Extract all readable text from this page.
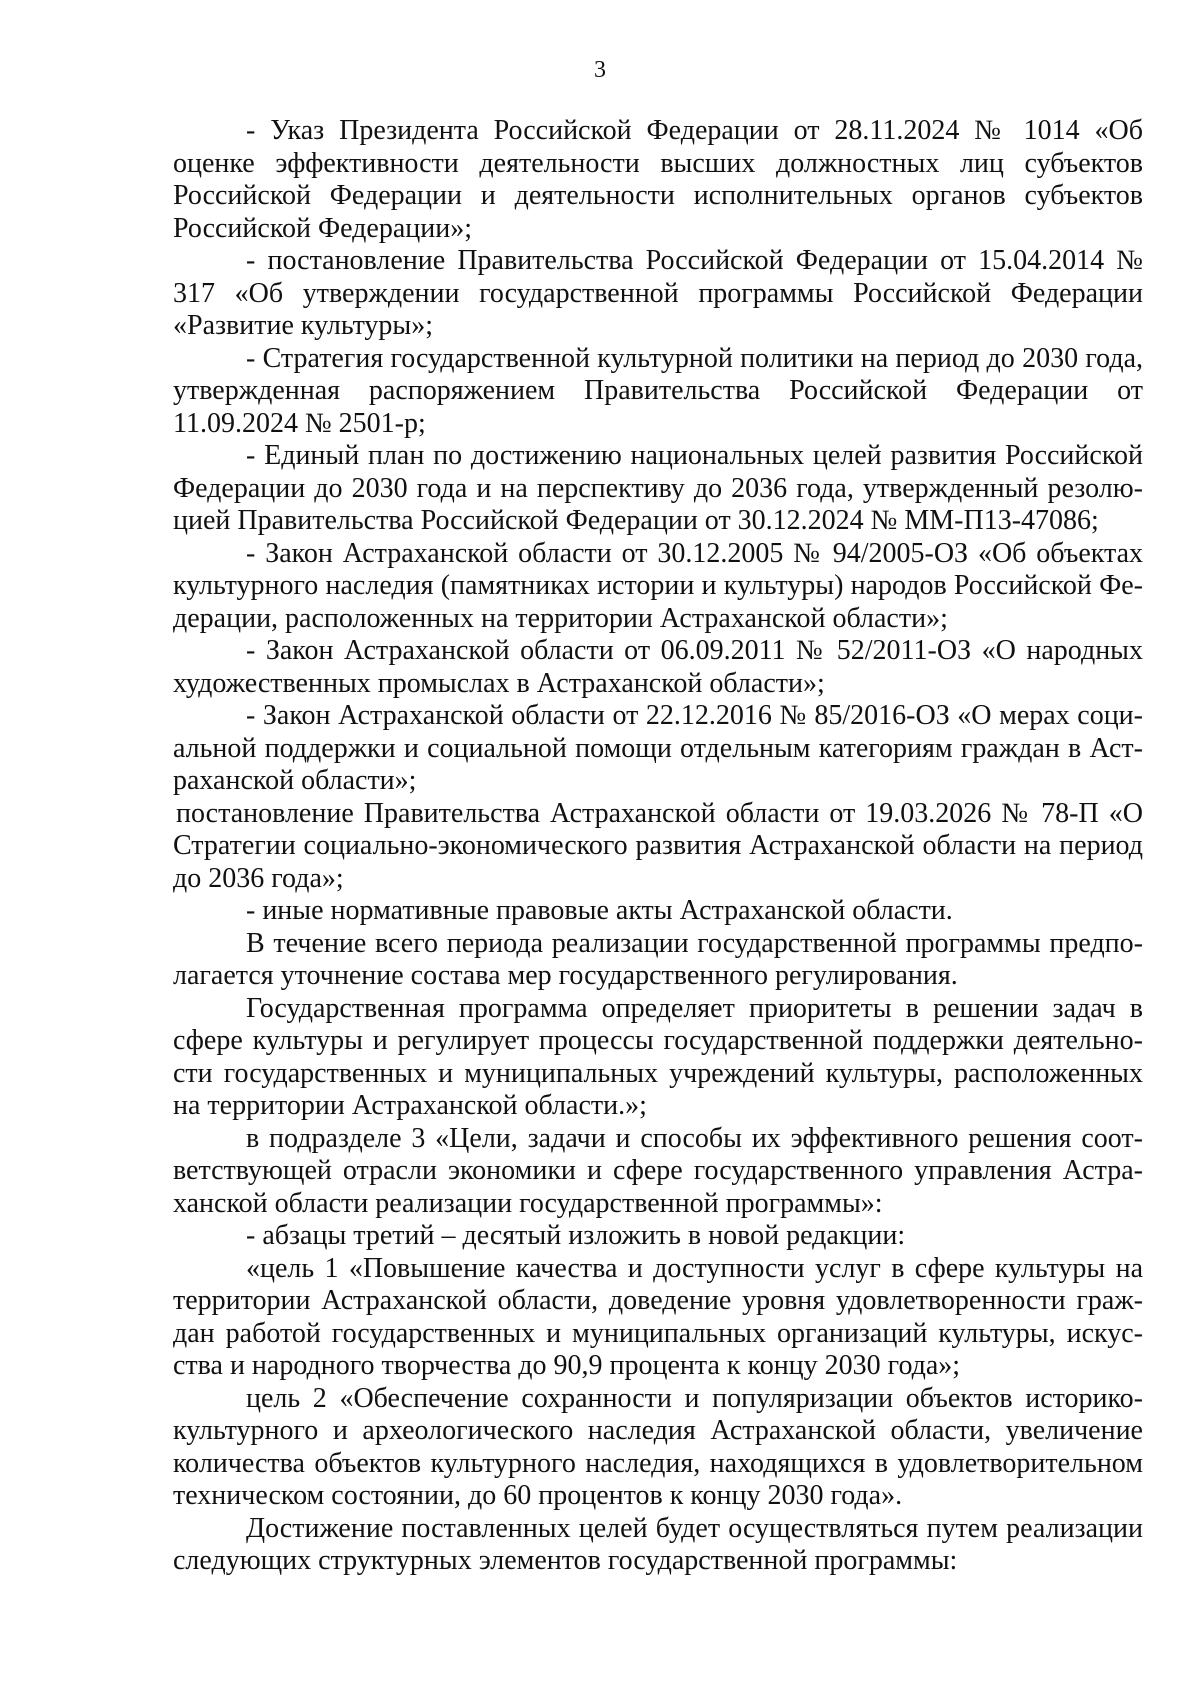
3

- Указ Президента Российской Федерации от 28.11.2024 № 1014 «Об оценке эффективности деятельности высших должностных лиц субъектов Российской Федерации и деятельности исполнительных органов субъектов Российской Федерации»;

- постановление Правительства Российской Федерации от 15.04.2014 № 317 «Об утверждении государственной программы Российской Федерации «Развитие культуры»;

- Стратегия государственной культурной политики на период до 2030 года, утвержденная распоряжением Правительства Российской Федерации от 11.09.2024 № 2501-р;

- Единый план по достижению национальных целей развития Российской Федерации до 2030 года и на перспективу до 2036 года, утвержденный резолюцией Правительства Российской Федерации от 30.12.2024 № ММ-П13-47086;

- Закон Астраханской области от 30.12.2005 № 94/2005-ОЗ «Об объектах культурного наследия (памятниках истории и культуры) народов Российской Федерации, расположенных на территории Астраханской области»;

- Закон Астраханской области от 06.09.2011 № 52/2011-ОЗ «О народных художественных промыслах в Астраханской области»;

- Закон Астраханской области от 22.12.2016 № 85/2016-ОЗ «О мерах социальной поддержки и социальной помощи отдельным категориям граждан в Астраханской области»;

постановление Правительства Астраханской области от 19.03.2026 № 78-П «О Стратегии социально-экономического развития Астраханской области на период до 2036 года»;

- иные нормативные правовые акты Астраханской области.

В течение всего периода реализации государственной программы предполагается уточнение состава мер государственного регулирования.

Государственная программа определяет приоритеты в решении задач в сфере культуры и регулирует процессы государственной поддержки деятельности государственных и муниципальных учреждений культуры, расположенных на территории Астраханской области.»;

в подразделе 3 «Цели, задачи и способы их эффективного решения соответствующей отрасли экономики и сфере государственного управления Астраханской области реализации государственной программы»:

- абзацы третий – десятый изложить в новой редакции:

«цель 1 «Повышение качества и доступности услуг в сфере культуры на территории Астраханской области, доведение уровня удовлетворенности граждан работой государственных и муниципальных организаций культуры, искусства и народного творчества до 90,9 процента к концу 2030 года»;

цель 2 «Обеспечение сохранности и популяризации объектов историко-культурного и археологического наследия Астраханской области, увеличение количества объектов культурного наследия, находящихся в удовлетворительном техническом состоянии, до 60 процентов к концу 2030 года».

Достижение поставленных целей будет осуществляться путем реализации следующих структурных элементов государственной программы:
